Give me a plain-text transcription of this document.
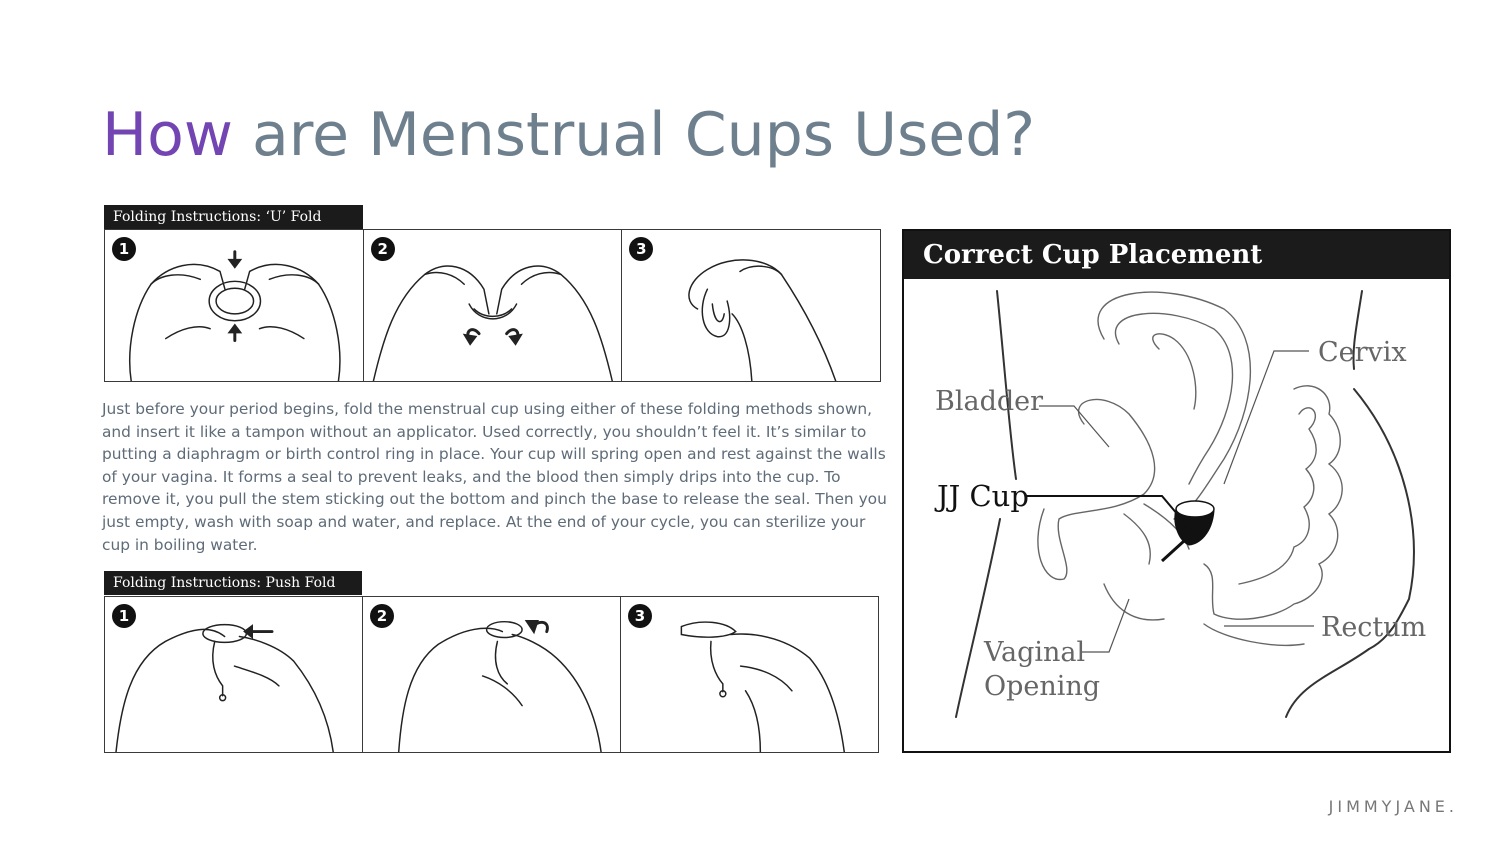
How are Menstrual Cups Used?
Folding Instructions: ‘U’ Fold
1	2	3

Just before your period begins, fold the menstrual cup using either of these folding methods shown, and insert it like a tampon without an applicator. Used correctly, you shouldn’t feel it. It’s similar to putting a diaphragm or birth control ring in place. Your cup will spring open and rest against the walls of your vagina. It forms a seal to prevent leaks, and the blood then simply drips into the cup. To remove it, you pull the stem sticking out the bottom and pinch the base to release the seal. Then you just empty, wash with soap and water, and replace. At the end of your cycle, you can sterilize your cup in boiling water.

Folding Instructions: Push Fold
1	2	3
Correct Cup Placement
Cervix
Bladder
JJ Cup
Rectum
Vaginal
Opening
JIMMYJANE.
